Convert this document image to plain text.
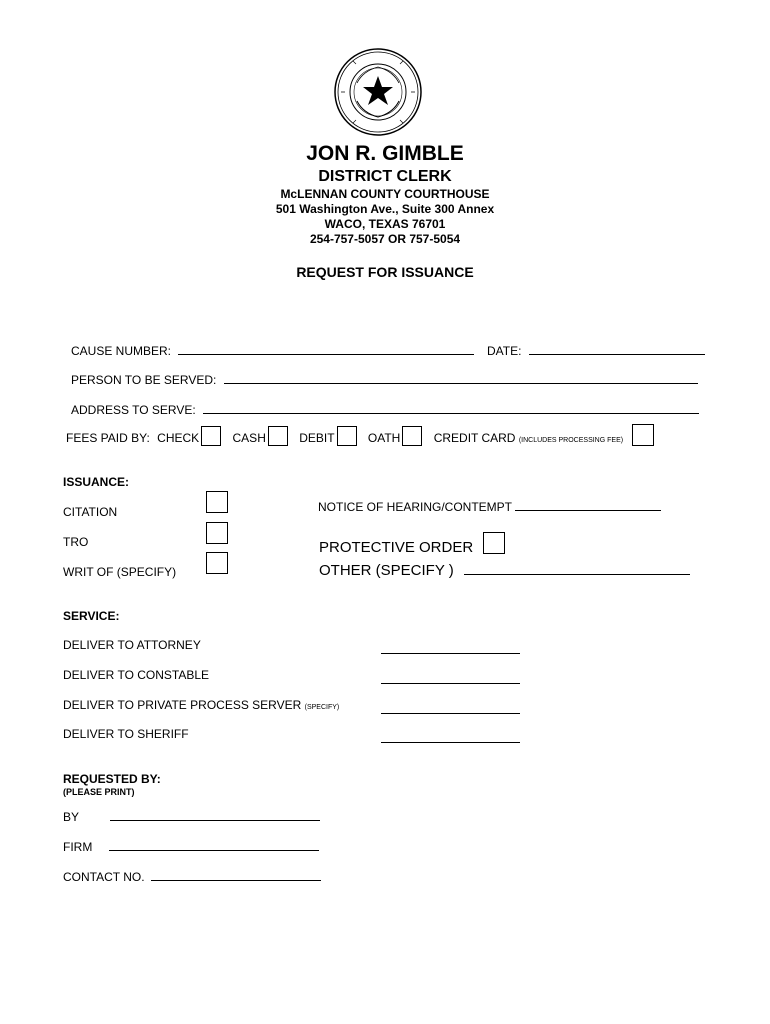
JON R. GIMBLE
DISTRICT CLERK
McLENNAN COUNTY COURTHOUSE
501 Washington Ave., Suite 300 Annex
WACO, TEXAS 76701
254-757-5057 OR 757-5054
REQUEST FOR ISSUANCE
CAUSE NUMBER:	DATE:
PERSON TO BE SERVED:
ADDRESS TO SERVE:
FEES PAID BY: CHECK	CASH	DEBIT	OATH	CREDIT CARD (INCLUDES PROCESSING FEE)
ISSUANCE:
CITATION
TRO
WRIT OF (SPECIFY)
NOTICE OF HEARING/CONTEMPT
PROTECTIVE ORDER
OTHER (SPECIFY )
SERVICE:
DELIVER TO ATTORNEY
DELIVER TO CONSTABLE
DELIVER TO PRIVATE PROCESS SERVER (SPECIFY)
DELIVER TO SHERIFF
REQUESTED BY:
(PLEASE PRINT)
BY
FIRM
CONTACT NO.
